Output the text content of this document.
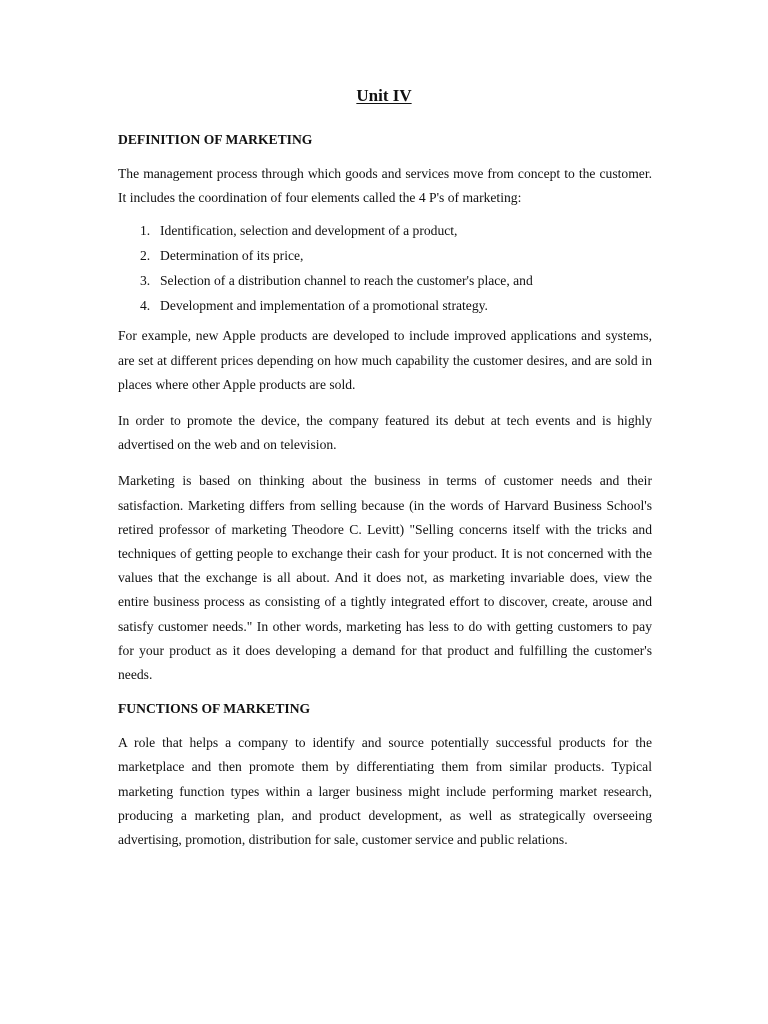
Unit IV
DEFINITION OF MARKETING

The management process through which goods and services move from concept to the customer. It includes the coordination of four elements called the 4 P's of marketing:

1. Identification, selection and development of a product,
2. Determination of its price,
3. Selection of a distribution channel to reach the customer's place, and
4. Development and implementation of a promotional strategy.

For example, new Apple products are developed to include improved applications and systems, are set at different prices depending on how much capability the customer desires, and are sold in places where other Apple products are sold.

In order to promote the device, the company featured its debut at tech events and is highly advertised on the web and on television.

Marketing is based on thinking about the business in terms of customer needs and their satisfaction. Marketing differs from selling because (in the words of Harvard Business School's retired professor of marketing Theodore C. Levitt) "Selling concerns itself with the tricks and techniques of getting people to exchange their cash for your product. It is not concerned with the values that the exchange is all about. And it does not, as marketing invariable does, view the entire business process as consisting of a tightly integrated effort to discover, create, arouse and satisfy customer needs." In other words, marketing has less to do with getting customers to pay for your product as it does developing a demand for that product and fulfilling the customer's needs.

FUNCTIONS OF MARKETING

A role that helps a company to identify and source potentially successful products for the marketplace and then promote them by differentiating them from similar products. Typical marketing function types within a larger business might include performing market research, producing a marketing plan, and product development, as well as strategically overseeing advertising, promotion, distribution for sale, customer service and public relations.
